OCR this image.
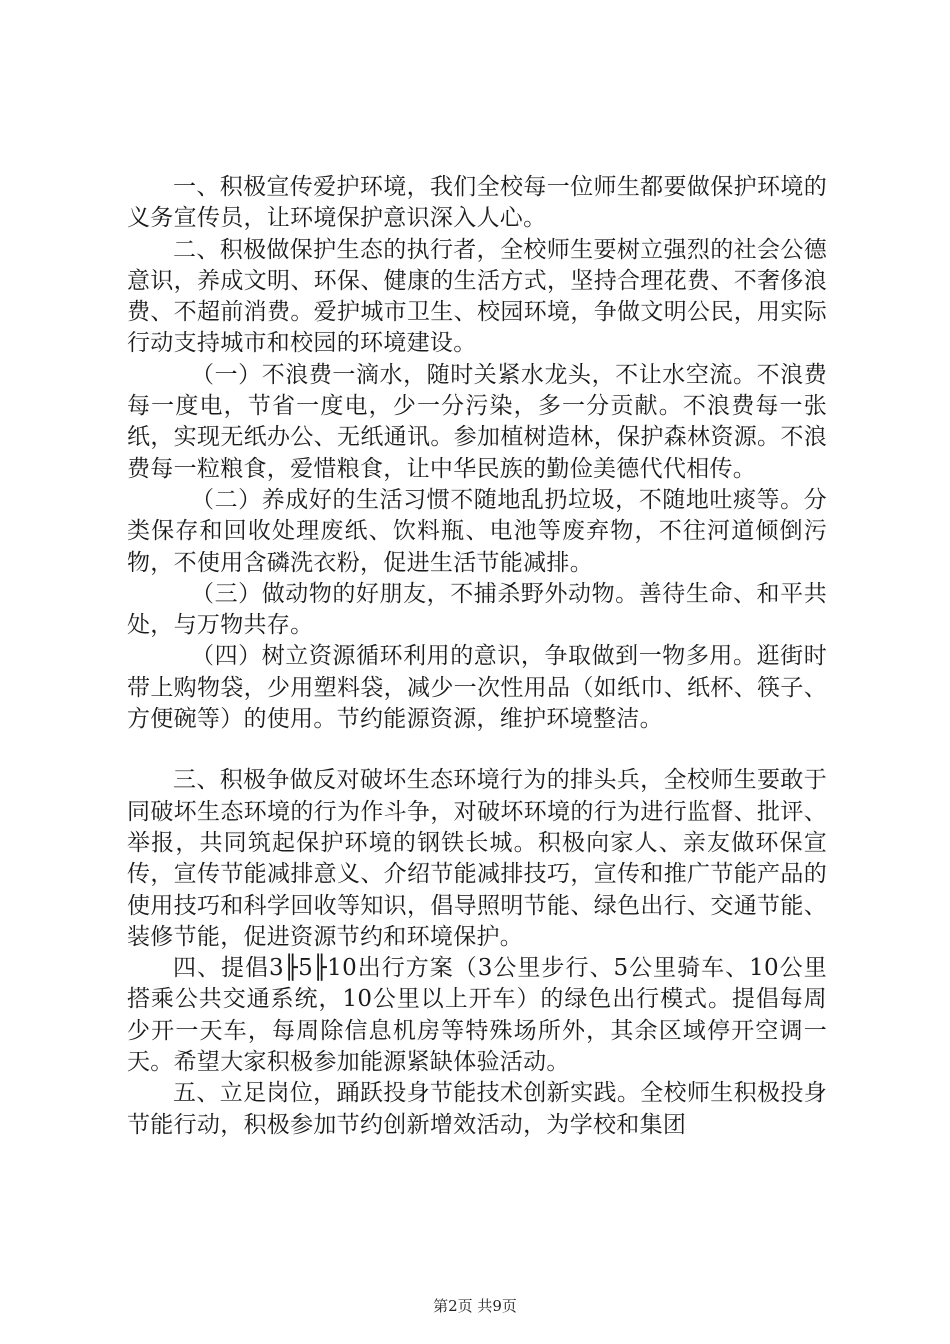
一、积极宣传爱护环境，我们全校每一位师生都要做保护环境的义务宣传员，让环境保护意识深入人心。

二、积极做保护生态的执行者，全校师生要树立强烈的社会公德意识，养成文明、环保、健康的生活方式，坚持合理花费、不奢侈浪费、不超前消费。爱护城市卫生、校园环境，争做文明公民，用实际行动支持城市和校园的环境建设。

（一）不浪费一滴水，随时关紧水龙头，不让水空流。不浪费每一度电，节省一度电，少一分污染，多一分贡献。不浪费每一张纸，实现无纸办公、无纸通讯。参加植树造林，保护森林资源。不浪费每一粒粮食，爱惜粮食，让中华民族的勤俭美德代代相传。

（二）养成好的生活习惯不随地乱扔垃圾，不随地吐痰等。分类保存和回收处理废纸、饮料瓶、电池等废弃物，不往河道倾倒污物，不使用含磷洗衣粉，促进生活节能减排。

（三）做动物的好朋友，不捕杀野外动物。善待生命、和平共处，与万物共存。

（四）树立资源循环利用的意识，争取做到一物多用。逛街时带上购物袋，少用塑料袋，减少一次性用品（如纸巾、纸杯、筷子、方便碗等）的使用。节约能源资源，维护环境整洁。

三、积极争做反对破坏生态环境行为的排头兵，全校师生要敢于同破坏生态环境的行为作斗争，对破坏环境的行为进行监督、批评、举报，共同筑起保护环境的钢铁长城。积极向家人、亲友做环保宣传，宣传节能减排意义、介绍节能减排技巧，宣传和推广节能产品的使用技巧和科学回收等知识，倡导照明节能、绿色出行、交通节能、装修节能，促进资源节约和环境保护。

四、提倡3╟5╟10出行方案（3公里步行、5公里骑车、10公里搭乘公共交通系统，10公里以上开车）的绿色出行模式。提倡每周少开一天车，每周除信息机房等特殊场所外，其余区域停开空调一天。希望大家积极参加能源紧缺体验活动。

五、立足岗位，踊跃投身节能技术创新实践。全校师生积极投身节能行动，积极参加节约创新增效活动，为学校和集团

第2页 共9页
